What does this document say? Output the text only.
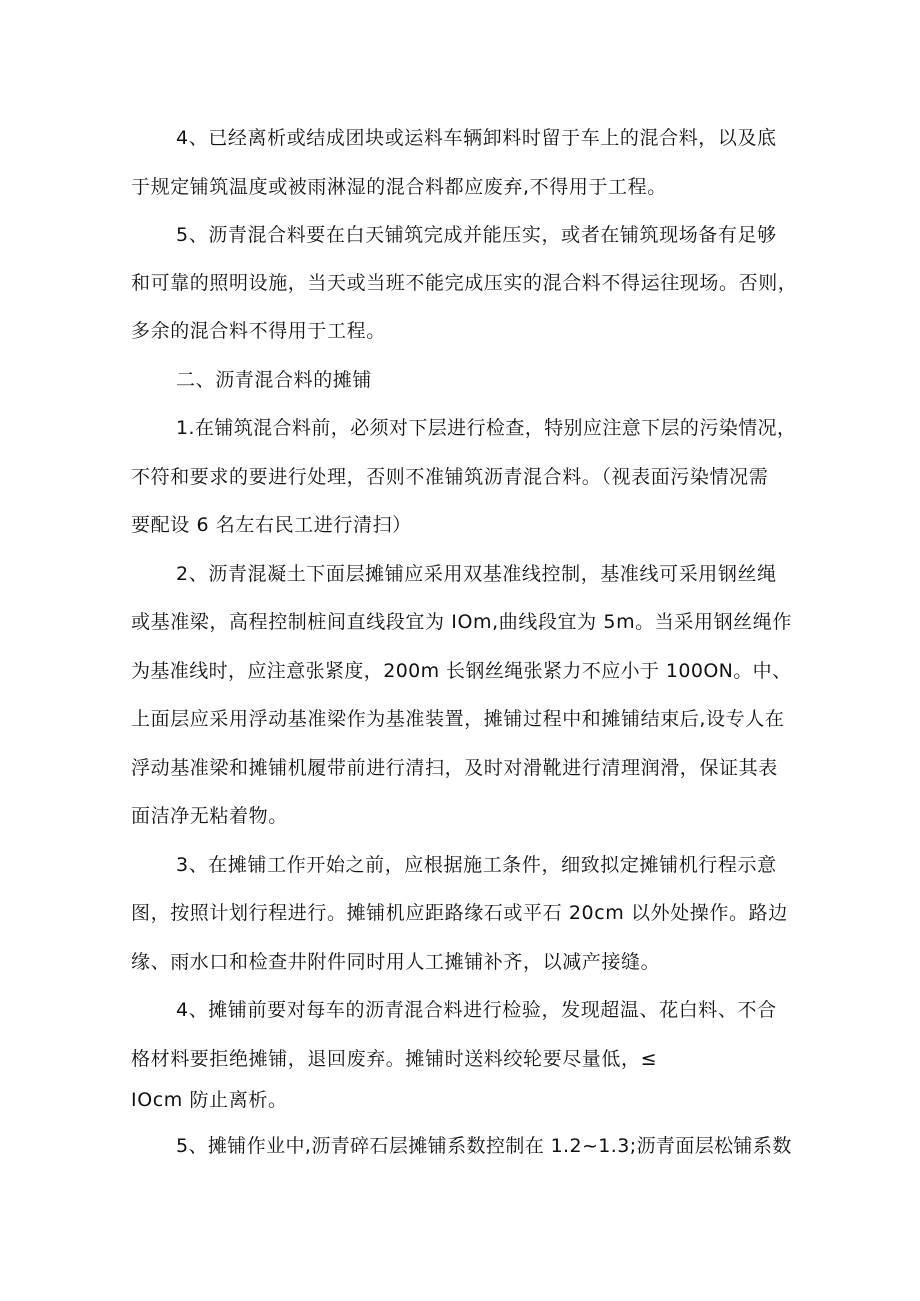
4、已经离析或结成团块或运料车辆卸料时留于车上的混合料，以及底
于规定铺筑温度或被雨淋湿的混合料都应废弃,不得用于工程。
5、沥青混合料要在白天铺筑完成并能压实，或者在铺筑现场备有足够
和可靠的照明设施，当天或当班不能完成压实的混合料不得运往现场。否则，
多余的混合料不得用于工程。
二、沥青混合料的摊铺
1.在铺筑混合料前，必须对下层进行检查，特别应注意下层的污染情况，
不符和要求的要进行处理，否则不准铺筑沥青混合料。（视表面污染情况需
要配设 6 名左右民工进行清扫）
2、沥青混凝土下面层摊铺应采用双基准线控制，基准线可采用钢丝绳
或基准梁，高程控制桩间直线段宜为 IOm,曲线段宜为 5m。当采用钢丝绳作
为基准线时，应注意张紧度，200m 长钢丝绳张紧力不应小于 100ON。中、
上面层应采用浮动基准梁作为基准装置，摊铺过程中和摊铺结束后,设专人在
浮动基准梁和摊铺机履带前进行清扫，及时对滑靴进行清理润滑，保证其表
面洁净无粘着物。
3、在摊铺工作开始之前，应根据施工条件，细致拟定摊铺机行程示意
图，按照计划行程进行。摊铺机应距路缘石或平石 20cm 以外处操作。路边
缘、雨水口和检查井附件同时用人工摊铺补齐，以减产接缝。
4、摊铺前要对每车的沥青混合料进行检验，发现超温、花白料、不合
格材料要拒绝摊铺，退回废弃。摊铺时送料绞轮要尽量低，≤
IOcm 防止离析。
5、摊铺作业中,沥青碎石层摊铺系数控制在 1.2~1.3;沥青面层松铺系数
